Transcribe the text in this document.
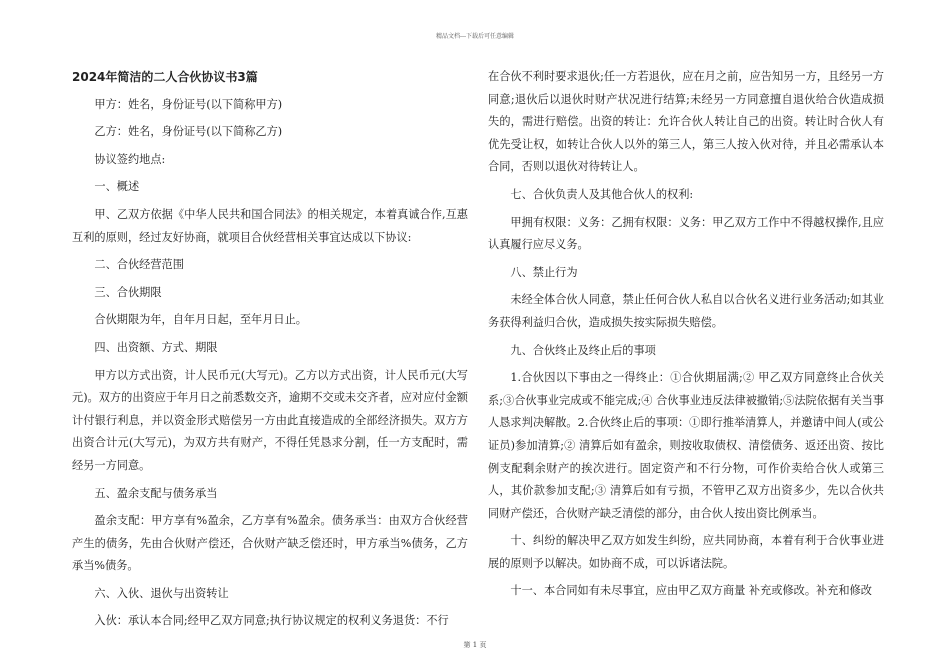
精品文档---下载后可任意编辑
2024年简洁的二人合伙协议书3篇

甲方：姓名，身份证号(以下简称甲方)

乙方：姓名，身份证号(以下简称乙方)

协议签约地点:

一、概述

甲、乙双方依据《中华人民共和国合同法》的相关规定，本着真诚合作,互惠互利的原则，经过友好协商，就项目合伙经营相关事宜达成以下协议:

二、合伙经营范围

三、合伙期限

合伙期限为年，自年月日起，至年月日止。

四、出资额、方式、期限

甲方以方式出资，计人民币元(大写元)。乙方以方式出资，计人民币元(大写元)。双方的出资应于年月日之前悉数交齐，逾期不交或未交齐者，应对应付金额计付银行利息，并以资金形式赔偿另一方由此直接造成的全部经济损失。双方方出资合计元(大写元)，为双方共有财产，不得任凭恳求分割，任一方支配时，需经另一方同意。

五、盈余支配与债务承当

盈余支配：甲方享有%盈余，乙方享有%盈余。债务承当：由双方合伙经营产生的债务，先由合伙财产偿还，合伙财产缺乏偿还时，甲方承当%债务，乙方承当%债务。

六、入伙、退伙与出资转让

入伙：承认本合同;经甲乙双方同意;执行协议规定的权利义务退货：不行

在合伙不利时要求退伙;任一方若退伙，应在月之前，应告知另一方，且经另一方同意;退伙后以退伙时财产状况进行结算;未经另一方同意擅自退伙给合伙造成损失的，需进行赔偿。出资的转让：允许合伙人转让自己的出资。转让时合伙人有优先受让权，如转让合伙人以外的第三人，第三人按入伙对待，并且必需承认本合同，否则以退伙对待转让人。

七、合伙负责人及其他合伙人的权利:

甲拥有权限：义务：乙拥有权限：义务：甲乙双方工作中不得越权操作,且应认真履行应尽义务。

八、禁止行为

未经全体合伙人同意，禁止任何合伙人私自以合伙名义进行业务活动;如其业务获得利益归合伙，造成损失按实际损失赔偿。

九、合伙终止及终止后的事项

1.合伙因以下事由之一得终止：①合伙期届满;② 甲乙双方同意终止合伙关系;③合伙事业完成或不能完成;④ 合伙事业违反法律被撤销;⑤法院依据有关当事人恳求判决解散。2.合伙终止后的事项：①即行推举清算人，并邀请中间人(或公证员)参加清算;② 清算后如有盈余，则按收取债权、清偿债务、返还出资、按比例支配剩余财产的挨次进行。固定资产和不行分物，可作价卖给合伙人或第三人，其价款参加支配;③ 清算后如有亏损，不管甲乙双方出资多少，先以合伙共同财产偿还，合伙财产缺乏清偿的部分，由合伙人按出资比例承当。

十、纠纷的解决甲乙双方如发生纠纷，应共同协商，本着有利于合伙事业进展的原则予以解决。如协商不成，可以诉诸法院。

十一、本合同如有未尽事宜，应由甲乙双方商量 补充或修改。补充和修改

第 1 页
